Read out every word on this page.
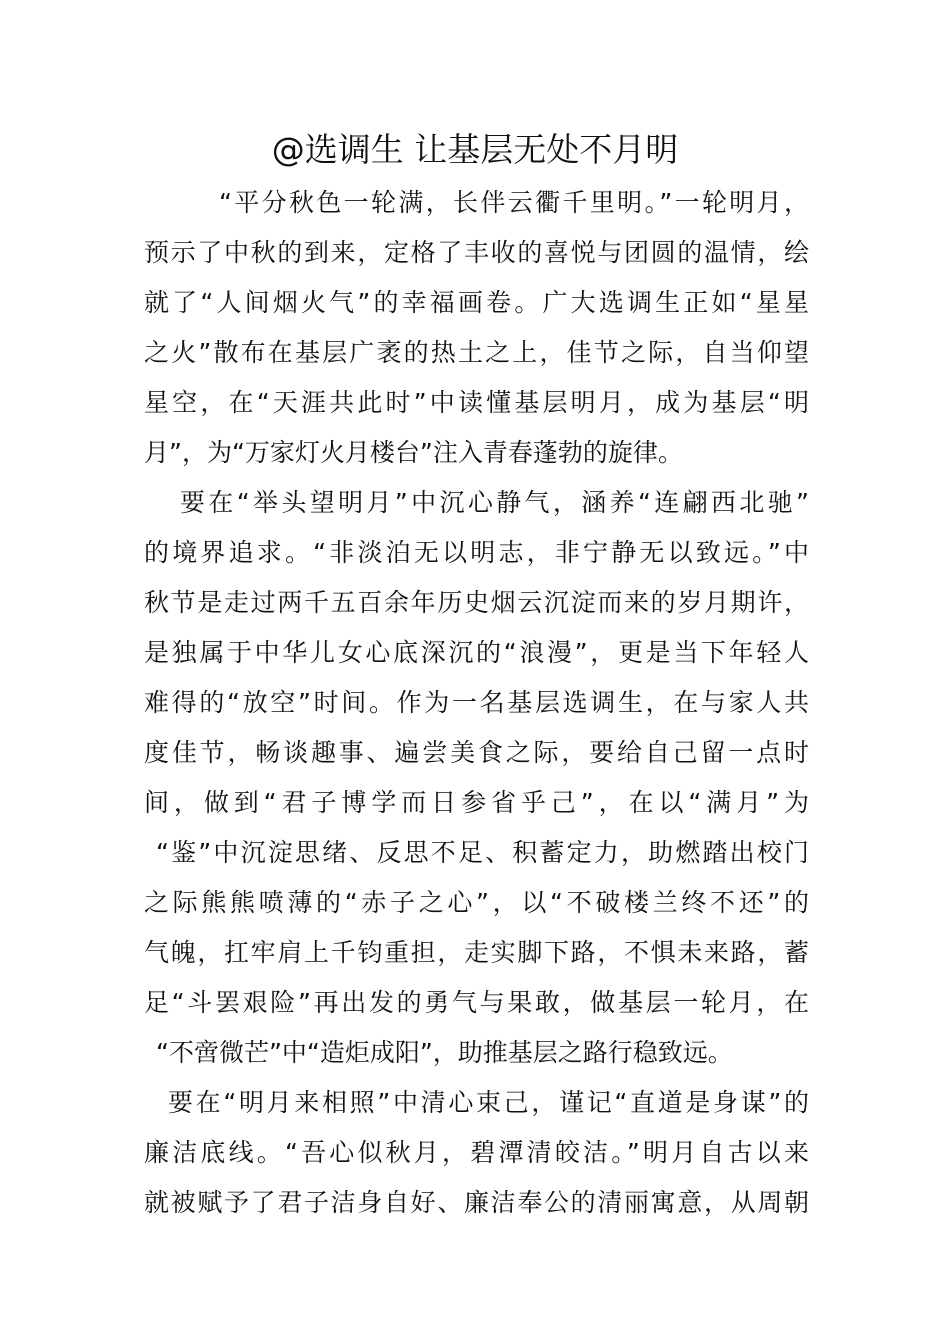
@选调生 让基层无处不月明
“平分秋色一轮满，长伴云衢千里明。”一轮明月，
预示了中秋的到来，定格了丰收的喜悦与团圆的温情，绘
就了“人间烟火气”的幸福画卷。广大选调生正如“星星
之火”散布在基层广袤的热土之上，佳节之际，自当仰望
星空，在“天涯共此时”中读懂基层明月，成为基层“明
月”，为“万家灯火月楼台”注入青春蓬勃的旋律。
要在“举头望明月”中沉心静气，涵养“连翩西北驰”
的境界追求。“非淡泊无以明志，非宁静无以致远。”中
秋节是走过两千五百余年历史烟云沉淀而来的岁月期许，
是独属于中华儿女心底深沉的“浪漫”，更是当下年轻人
难得的“放空”时间。作为一名基层选调生，在与家人共
度佳节，畅谈趣事、遍尝美食之际，要给自己留一点时
间，做到“君子博学而日参省乎己”，在以“满月”为
“鉴”中沉淀思绪、反思不足、积蓄定力，助燃踏出校门
之际熊熊喷薄的“赤子之心”，以“不破楼兰终不还”的
气魄，扛牢肩上千钧重担，走实脚下路，不惧未来路，蓄
足“斗罢艰险”再出发的勇气与果敢，做基层一轮月，在
“不啻微芒”中“造炬成阳”，助推基层之路行稳致远。
要在“明月来相照”中清心束己，谨记“直道是身谋”的
廉洁底线。“吾心似秋月，碧潭清皎洁。”明月自古以来
就被赋予了君子洁身自好、廉洁奉公的清丽寓意，从周朝
